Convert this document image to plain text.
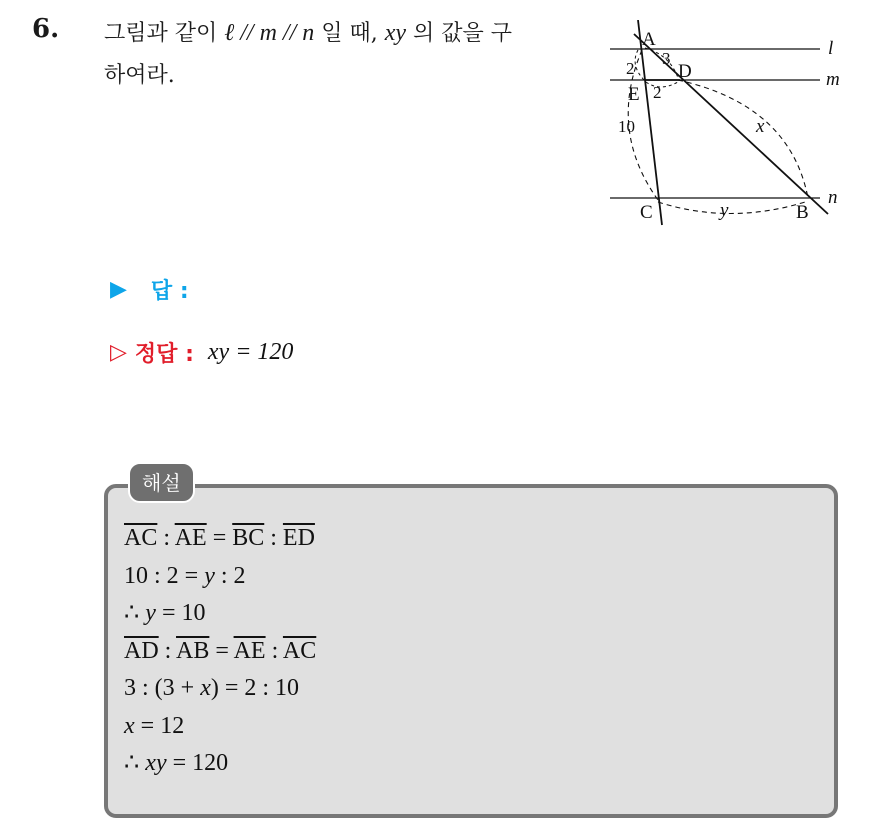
6. 그림과 같이 ℓ // m // n 일 때, xy 의 값을 구
하여라.
A
D
E
C	B
l
m
n
x
y
2
2
3
10
▶ 답 :
▷ 정답 : xy = 120
해설
$\overline{AC}$ : $\overline{AE} = \overline{BC}$ : $\overline{ED}$
10 : 2 = y : 2
∴ y = 10
$\overline{AD}$ : $\overline{AB} = \overline{AE}$ : $\overline{AC}$
3 : (3 + x) = 2 : 10
x = 12
∴ xy = 120
